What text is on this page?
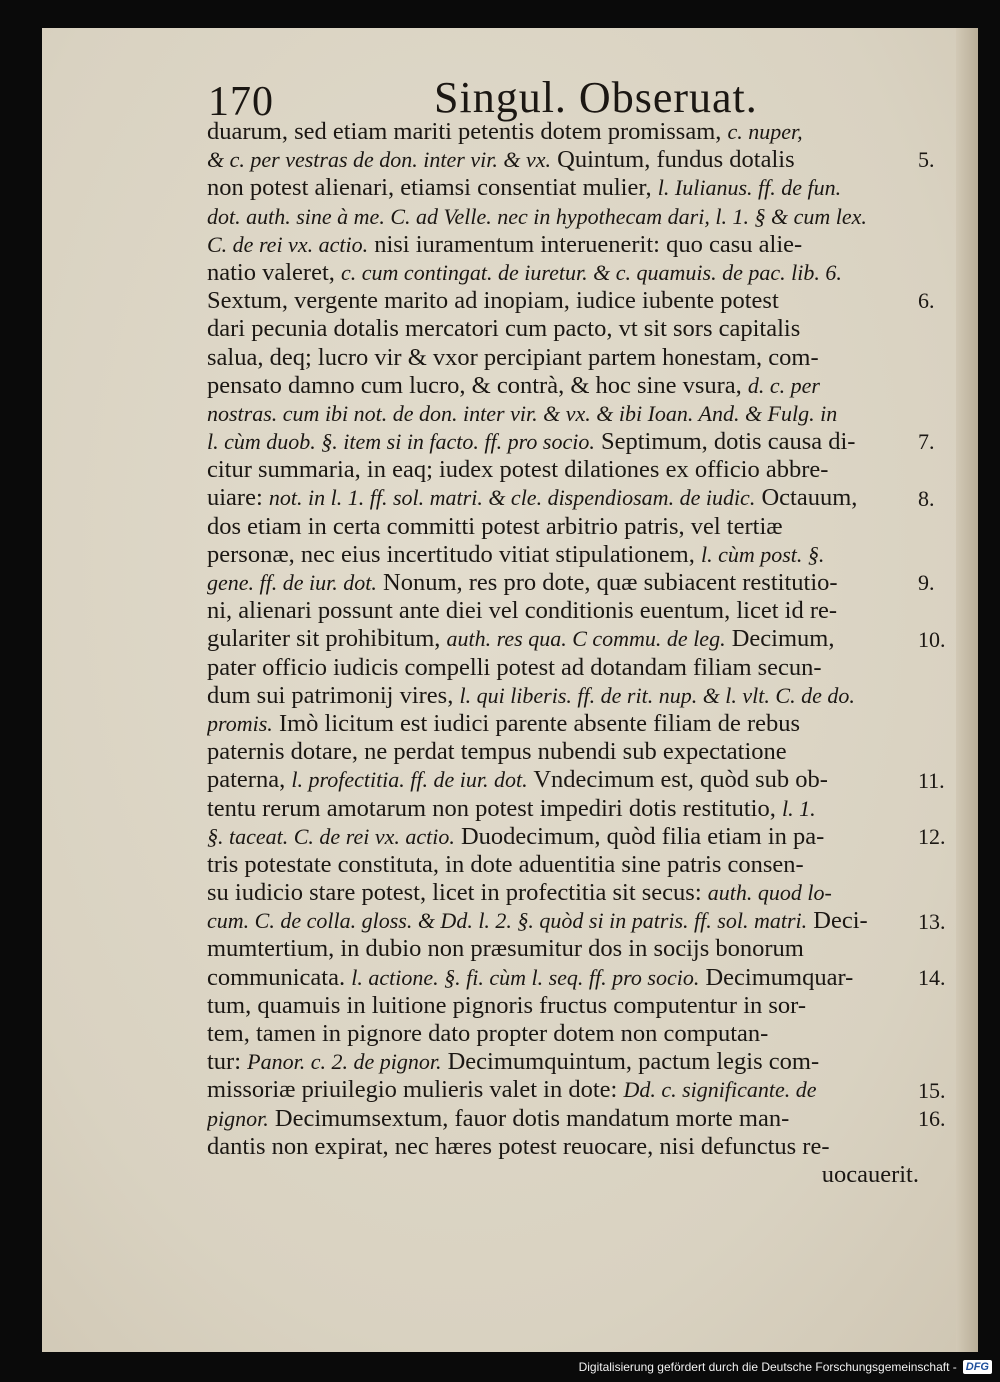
170	Singul. Obseruat.
duarum, sed etiam mariti petentis dotem promissam, c. nuper,
& c. per vestras de don. inter vir. & vx. Quintum, fundus dotalis
non potest alienari, etiamsi consentiat mulier, l. Iulianus. ff. de fun.
dot. auth. sine à me. C. ad Velle. nec in hypothecam dari, l. 1. § & cum lex.
C. de rei vx. actio. nisi iuramentum interuenerit: quo casu alie-
natio valeret, c. cum contingat. de iuretur. & c. quamuis. de pac. lib. 6.
Sextum, vergente marito ad inopiam, iudice iubente potest
dari pecunia dotalis mercatori cum pacto, vt sit sors capitalis
salua, deq; lucro vir & vxor percipiant partem honestam, com-
pensato damno cum lucro, & contrà, & hoc sine vsura, d. c. per
nostras. cum ibi not. de don. inter vir. & vx. & ibi Ioan. And. & Fulg. in
l. cùm duob. §. item si in facto. ff. pro socio. Septimum, dotis causa di-
citur summaria, in eaq; iudex potest dilationes ex officio abbre-
uiare: not. in l. 1. ff. sol. matri. & cle. dispendiosam. de iudic. Octauum,
dos etiam in certa committi potest arbitrio patris, vel tertiæ
personæ, nec eius incertitudo vitiat stipulationem, l. cùm post. §.
gene. ff. de iur. dot. Nonum, res pro dote, quæ subiacent restitutio-
ni, alienari possunt ante diei vel conditionis euentum, licet id re-
gulariter sit prohibitum, auth. res qua. C commu. de leg. Decimum,
pater officio iudicis compelli potest ad dotandam filiam secun-
dum sui patrimonij vires, l. qui liberis. ff. de rit. nup. & l. vlt. C. de do.
promis. Imò licitum est iudici parente absente filiam de rebus
paternis dotare, ne perdat tempus nubendi sub expectatione
paterna, l. profectitia. ff. de iur. dot. Vndecimum est, quòd sub ob-
tentu rerum amotarum non potest impediri dotis restitutio, l. 1.
§. taceat. C. de rei vx. actio. Duodecimum, quòd filia etiam in pa-
tris potestate constituta, in dote aduentitia sine patris consen-
su iudicio stare potest, licet in profectitia sit secus: auth. quod lo-
cum. C. de colla. gloss. & Dd. l. 2. §. quòd si in patris. ff. sol. matri. Deci-
mumtertium, in dubio non præsumitur dos in socijs bonorum
communicata. l. actione. §. fi. cùm l. seq. ff. pro socio. Decimumquar-
tum, quamuis in luitione pignoris fructus computentur in sor-
tem, tamen in pignore dato propter dotem non computan-
tur: Panor. c. 2. de pignor. Decimumquintum, pactum legis com-
missoriæ priuilegio mulieris valet in dote: Dd. c. significante. de
pignor. Decimumsextum, fauor dotis mandatum morte man-
dantis non expirat, nec hæres potest reuocare, nisi defunctus re-
uocauerit.
5.
6.
7.
8.
9.
10.
11.
12.
13.
14.
15.
16.
Digitalisierung gefördert durch die Deutsche Forschungsgemeinschaft - DFG
